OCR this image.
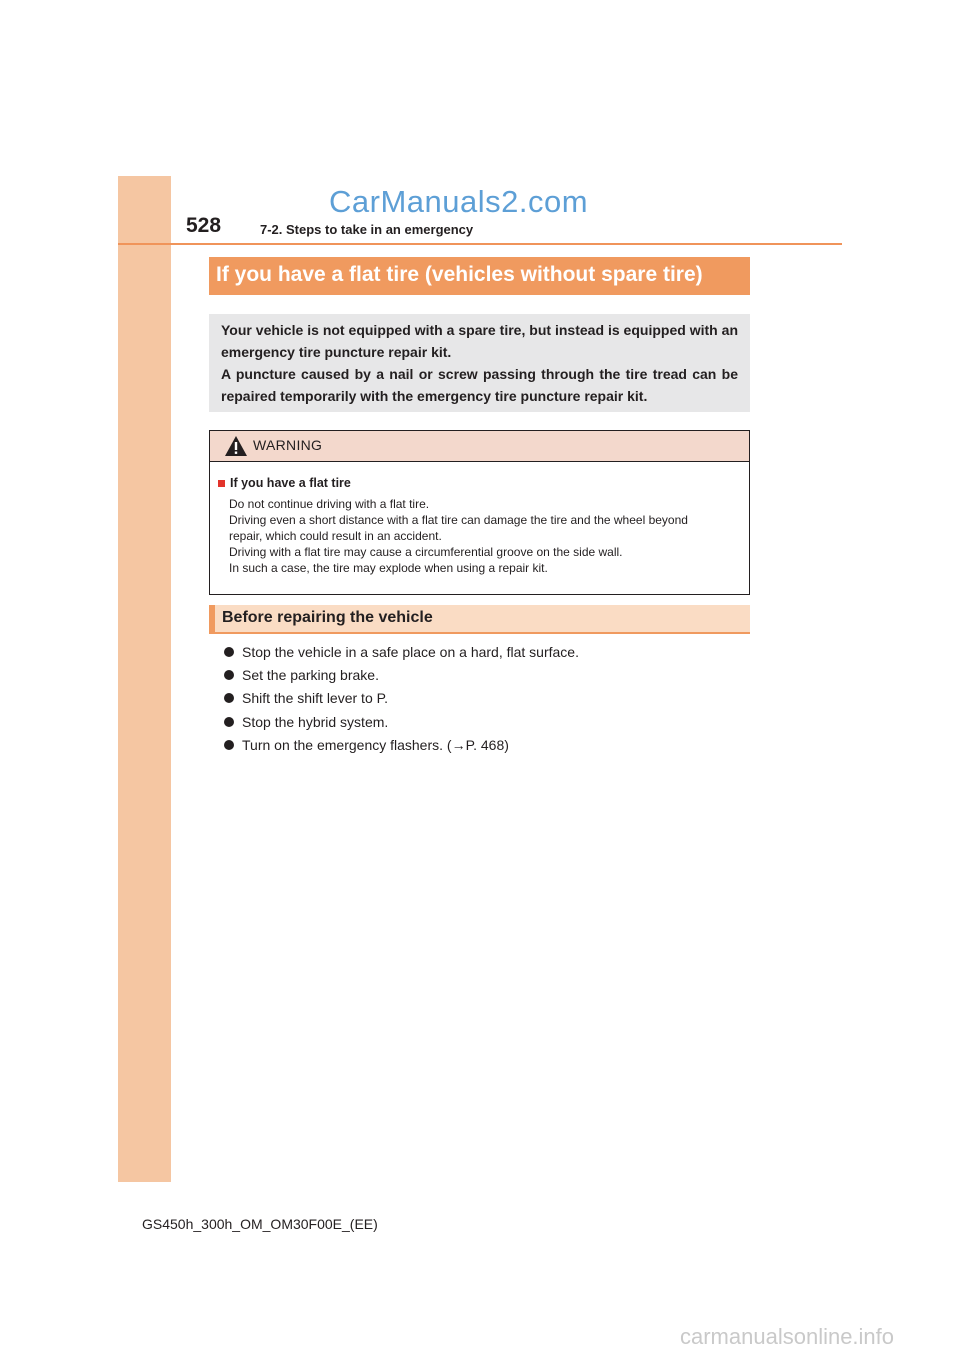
528
CarManuals2.com
7-2. Steps to take in an emergency
If you have a flat tire (vehicles without spare tire)

Your vehicle is not equipped with a spare tire, but instead is equipped with an emergency tire puncture repair kit.

A puncture caused by a nail or screw passing through the tire tread can be repaired temporarily with the emergency tire puncture repair kit.

WARNING
If you have a flat tire
Do not continue driving with a flat tire.
Driving even a short distance with a flat tire can damage the tire and the wheel beyond
repair, which could result in an accident.
Driving with a flat tire may cause a circumferential groove on the side wall.
In such a case, the tire may explode when using a repair kit.
Before repairing the vehicle
Stop the vehicle in a safe place on a hard, flat surface.
Set the parking brake.
Shift the shift lever to P.
Stop the hybrid system.
Turn on the emergency flashers. (→P. 468)
GS450h_300h_OM_OM30F00E_(EE)
carmanualsonline.info
